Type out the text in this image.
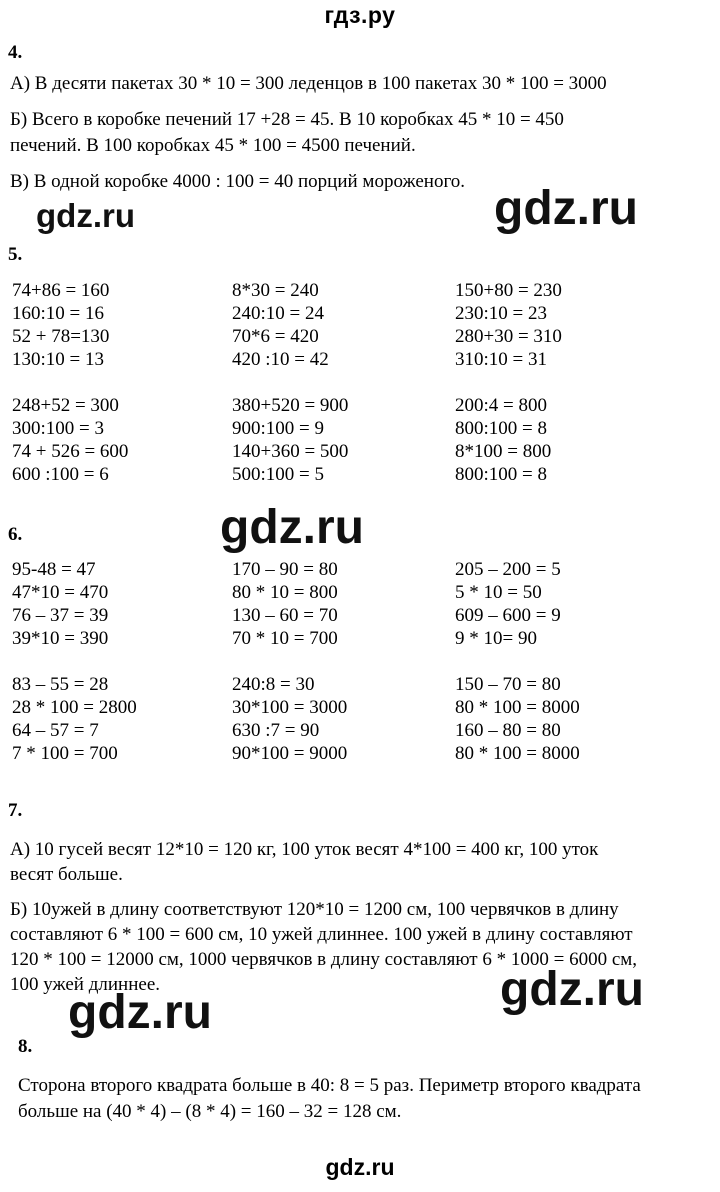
гдз.ру
4.
А) В десяти пакетах 30 * 10 = 300 леденцов в 100 пакетах 30 * 100 = 3000
Б) Всего в коробке печений 17 +28 = 45. В 10 коробках 45 * 10 = 450
печений. В 100 коробках 45 * 100 = 4500 печений.
В) В одной коробке 4000 : 100 = 40 порций мороженого.
gdz.ru	gdz.ru
5.
74+86 = 160	8*30 = 240	150+80 = 230
160:10 = 16	240:10 = 24	230:10 = 23
52 + 78=130	70*6 = 420	280+30 = 310
130:10 = 13	420 :10 = 42	310:10 = 31
248+52 = 300	380+520 = 900	200:4 = 800
300:100 = 3	900:100 = 9	800:100 = 8
74 + 526 = 600	140+360 = 500	8*100 = 800
600 :100 = 6	500:100 = 5	800:100 = 8
gdz.ru
6.
95-48 = 47	170 – 90 = 80	205 – 200 = 5
47*10 = 470	80 * 10 = 800	5 * 10 = 50
76 – 37 = 39	130 – 60 = 70	609 – 600 = 9
39*10 = 390	70 * 10 = 700	9 * 10= 90
83 – 55 = 28	240:8 = 30	150 – 70 = 80
28 * 100 = 2800	30*100 = 3000	80 * 100 = 8000
64 – 57 = 7	630 :7 = 90	160 – 80 = 80
7 * 100 = 700	90*100 = 9000	80 * 100 = 8000
7.
А) 10 гусей весят 12*10 = 120 кг, 100 уток весят 4*100 = 400 кг, 100 уток
весят больше.
Б) 10ужей в длину соответствуют 120*10 = 1200 см, 100 червячков в длину
составляют 6 * 100 = 600 см, 10 ужей длиннее. 100 ужей в длину составляют
120 * 100 = 12000 см, 1000 червячков в длину составляют 6 * 1000 = 6000 см,
100 ужей длиннее.
gdz.ru	gdz.ru
8.
Сторона второго квадрата больше в 40: 8 = 5 раз. Периметр второго квадрата
больше на (40 * 4) – (8 * 4) = 160 – 32 = 128 см.
gdz.ru
